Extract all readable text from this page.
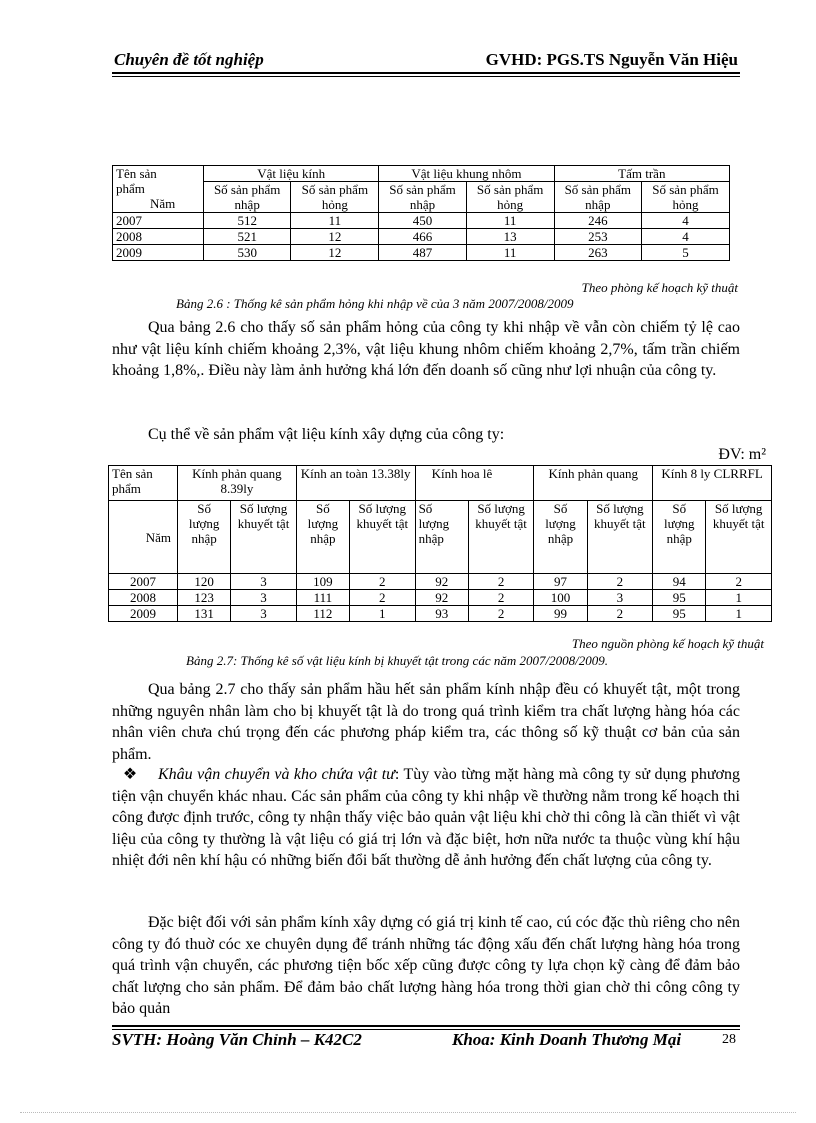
Chuyên đề tốt nghiệp	GVHD: PGS.TS Nguyễn Văn Hiệu
Tên sản phẩm
Năm	Vật liệu kính		Vật liệu khung nhôm		Tấm trần	
	Số sản phẩm nhập	Số sản phẩm hỏng	Số sản phẩm nhập	Số sản phẩm hỏng	Số sản phẩm nhập	Số sản phẩm hỏng

2007	512	11	450	11	246	4
2008	521	12	466	13	253	4
2009	530	12	487	11	263	5
Theo phòng kế hoạch kỹ thuật
Bảng 2.6 : Thống kê sản phẩm hỏng khi nhập về của 3 năm 2007/2008/2009
Qua bảng 2.6 cho thấy số sản phẩm hỏng của công ty khi nhập về vẫn còn chiếm tỷ lệ cao như vật liệu kính chiếm khoảng 2,3%, vật liệu khung nhôm chiếm khoảng 2,7%, tấm trần chiếm khoảng 1,8%,. Điều này làm ảnh hưởng khá lớn đến doanh số cũng như lợi nhuận của công ty.
Cụ thể về sản phẩm vật liệu kính xây dựng của công ty:
ĐV: m²
Tên sản phẩm	Kính phản quang 8.39ly		Kính an toàn 13.38ly		Kính hoa lê		Kính phản quang		Kính 8 ly CLRRFL	

Năm	Số lượng nhập	Số lượng khuyết tật	Số lượng nhập	Số lượng khuyết tật	Số lượng nhập	Số lượng khuyết tật	Số lượng nhập	Số lượng khuyết tật	Số lượng nhập	Số lượng khuyết tật
2007	120	3	109	2	92	2	97	2	94	2
2008	123	3	111	2	92	2	100	3	95	1
2009	131	3	112	1	93	2	99	2	95	1
Theo nguồn phòng kế hoạch kỹ thuật
Bảng 2.7: Thống kê số vật liệu kính bị khuyết tật trong các năm 2007/2008/2009.
Qua bảng 2.7 cho thấy sản phẩm hầu hết sản phẩm kính nhập đều có khuyết tật, một trong những nguyên nhân làm cho bị khuyết tật là do trong quá trình kiểm tra chất lượng hàng hóa các nhân viên chưa chú trọng đến các phương pháp kiểm tra, các thông số kỹ thuật cơ bản của sản phẩm.
❖ Khâu vận chuyển và kho chứa vật tư: Tùy vào từng mặt hàng mà công ty sử dụng phương tiện vận chuyển khác nhau. Các sản phẩm của công ty khi nhập về thường nằm trong kế hoạch thi công được định trước, công ty nhận thấy việc bảo quản vật liệu khi chờ thi công là cần thiết vì vật liệu của công ty thường là vật liệu có giá trị lớn và đặc biệt, hơn nữa nước ta thuộc vùng khí hậu nhiệt đới nên khí hậu có những biến đổi bất thường dễ ảnh hưởng đến chất lượng của công ty.
Đặc biệt đối với sản phẩm kính xây dựng có giá trị kinh tế cao, cú cóc đặc thù riêng cho nên công ty đó thuờ cóc xe chuyên dụng để tránh những tác động xấu đến chất lượng hàng hóa trong quá trình vận chuyển, các phương tiện bốc xếp cũng được công ty lựa chọn kỹ càng để đảm bảo chất lượng cho sản phẩm. Để đảm bảo chất lượng hàng hóa trong thời gian chờ thi công công ty bảo quản
SVTH: Hoàng Văn Chỉnh – K42C2	Khoa: Kinh Doanh Thương Mại	28
